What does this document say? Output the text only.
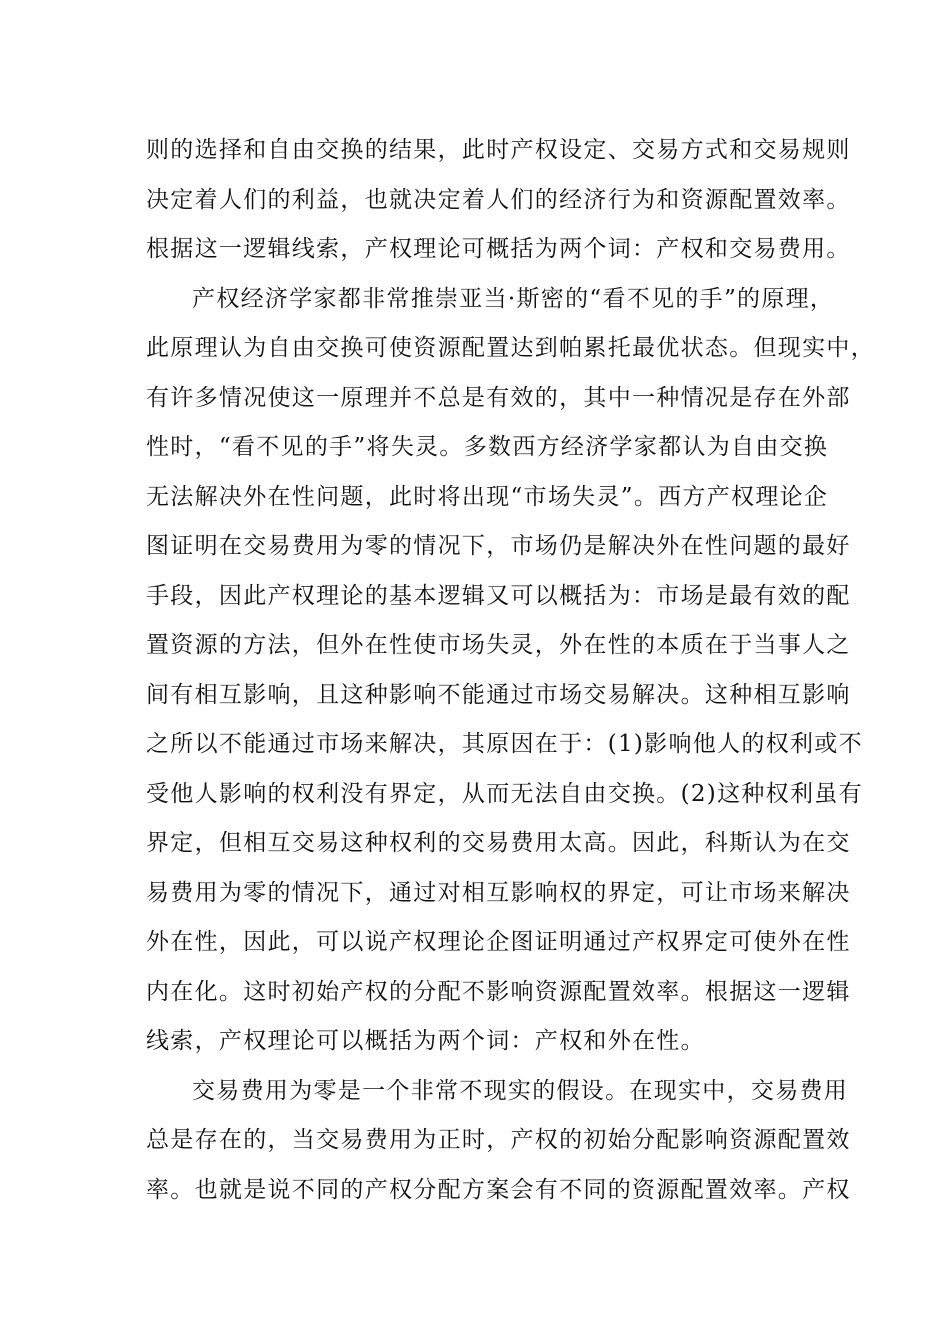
则的选择和自由交换的结果，此时产权设定、交易方式和交易规则
决定着人们的利益，也就决定着人们的经济行为和资源配置效率。
根据这一逻辑线索，产权理论可概括为两个词：产权和交易费用。
产权经济学家都非常推崇亚当·斯密的“看不见的手”的原理，
此原理认为自由交换可使资源配置达到帕累托最优状态。但现实中，
有许多情况使这一原理并不总是有效的，其中一种情况是存在外部
性时，“看不见的手”将失灵。多数西方经济学家都认为自由交换
无法解决外在性问题，此时将出现“市场失灵”。西方产权理论企
图证明在交易费用为零的情况下，市场仍是解决外在性问题的最好
手段，因此产权理论的基本逻辑又可以概括为：市场是最有效的配
置资源的方法，但外在性使市场失灵，外在性的本质在于当事人之
间有相互影响，且这种影响不能通过市场交易解决。这种相互影响
之所以不能通过市场来解决，其原因在于：(1)影响他人的权利或不
受他人影响的权利没有界定，从而无法自由交换。(2)这种权利虽有
界定，但相互交易这种权利的交易费用太高。因此，科斯认为在交
易费用为零的情况下，通过对相互影响权的界定，可让市场来解决
外在性，因此，可以说产权理论企图证明通过产权界定可使外在性
内在化。这时初始产权的分配不影响资源配置效率。根据这一逻辑
线索，产权理论可以概括为两个词：产权和外在性。
交易费用为零是一个非常不现实的假设。在现实中，交易费用
总是存在的，当交易费用为正时，产权的初始分配影响资源配置效
率。也就是说不同的产权分配方案会有不同的资源配置效率。产权
